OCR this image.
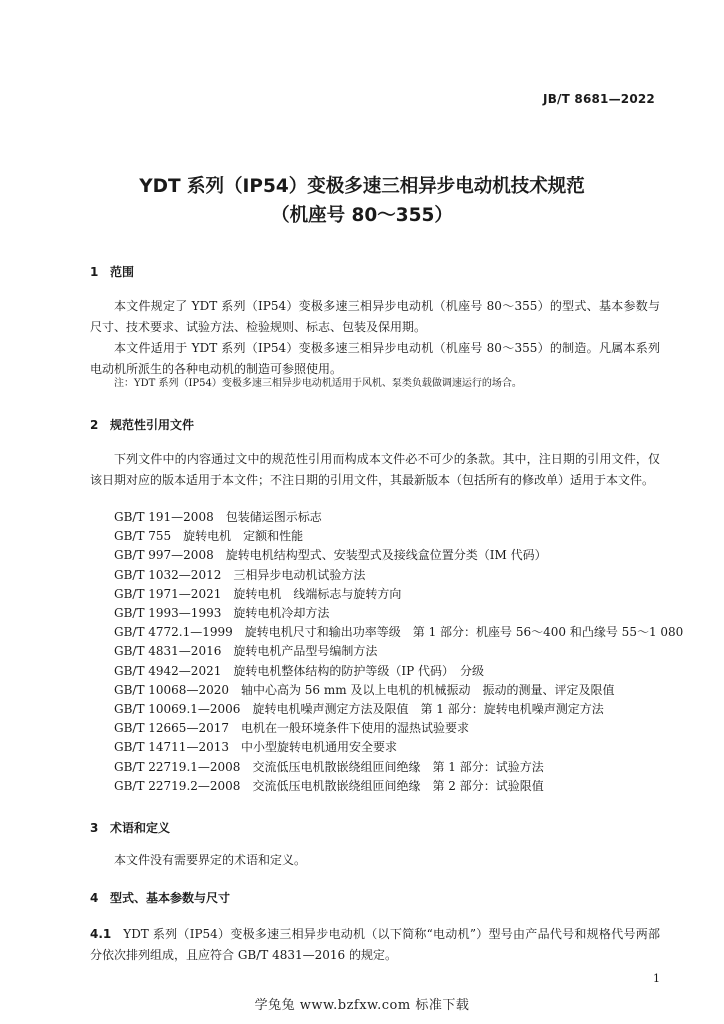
JB/T 8681—2022
YDT 系列（IP54）变极多速三相异步电动机技术规范
（机座号 80～355）
1 范围
本文件规定了 YDT 系列（IP54）变极多速三相异步电动机（机座号 80～355）的型式、基本参数与尺寸、技术要求、试验方法、检验规则、标志、包装及保用期。
本文件适用于 YDT 系列（IP54）变极多速三相异步电动机（机座号 80～355）的制造。凡属本系列电动机所派生的各种电动机的制造可参照使用。
注：YDT 系列（IP54）变极多速三相异步电动机适用于风机、泵类负载做调速运行的场合。
2 规范性引用文件
下列文件中的内容通过文中的规范性引用而构成本文件必不可少的条款。其中，注日期的引用文件，仅该日期对应的版本适用于本文件；不注日期的引用文件，其最新版本（包括所有的修改单）适用于本文件。
GB/T 191—2008 包装储运图示标志
GB/T 755 旋转电机　定额和性能
GB/T 997—2008 旋转电机结构型式、安装型式及接线盒位置分类（IM 代码）
GB/T 1032—2012 三相异步电动机试验方法
GB/T 1971—2021 旋转电机　线端标志与旋转方向
GB/T 1993—1993 旋转电机冷却方法
GB/T 4772.1—1999 旋转电机尺寸和输出功率等级　第 1 部分：机座号 56～400 和凸缘号 55～1 080
GB/T 4831—2016 旋转电机产品型号编制方法
GB/T 4942—2021 旋转电机整体结构的防护等级（IP 代码）　分级
GB/T 10068—2020 轴中心高为 56 mm 及以上电机的机械振动　振动的测量、评定及限值
GB/T 10069.1—2006 旋转电机噪声测定方法及限值　第 1 部分：旋转电机噪声测定方法
GB/T 12665—2017 电机在一般环境条件下使用的湿热试验要求
GB/T 14711—2013 中小型旋转电机通用安全要求
GB/T 22719.1—2008 交流低压电机散嵌绕组匝间绝缘　第 1 部分：试验方法
GB/T 22719.2—2008 交流低压电机散嵌绕组匝间绝缘　第 2 部分：试验限值
3 术语和定义
本文件没有需要界定的术语和定义。
4 型式、基本参数与尺寸
4.1 YDT 系列（IP54）变极多速三相异步电动机（以下简称“电动机”）型号由产品代号和规格代号两部分依次排列组成，且应符合 GB/T 4831—2016 的规定。
1
学兔兔 www.bzfxw.com 标准下载
